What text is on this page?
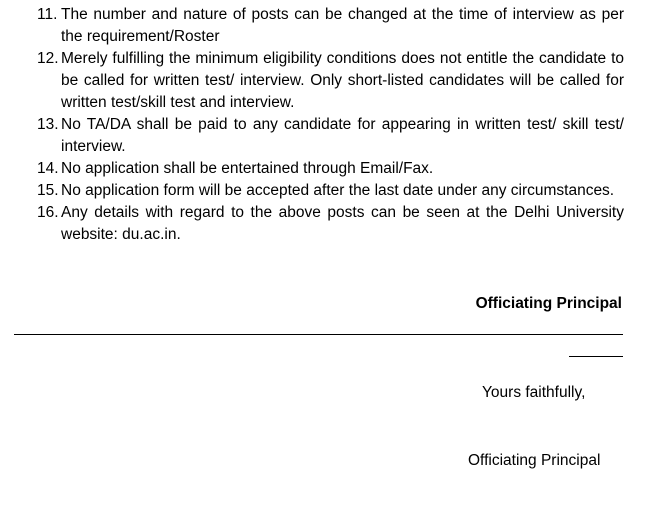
11. The number and nature of posts can be changed at the time of interview as per the requirement/Roster
12. Merely fulfilling the minimum eligibility conditions does not entitle the candidate to be called for written test/ interview. Only short-listed candidates will be called for written test/skill test and interview.
13. No TA/DA shall be paid to any candidate for appearing in written test/ skill test/ interview.
14. No application shall be entertained through Email/Fax.
15. No application form will be accepted after the last date under any circumstances.
16. Any details with regard to the above posts can be seen at the Delhi University website: du.ac.in.
Officiating Principal
Yours faithfully,
Officiating Principal
